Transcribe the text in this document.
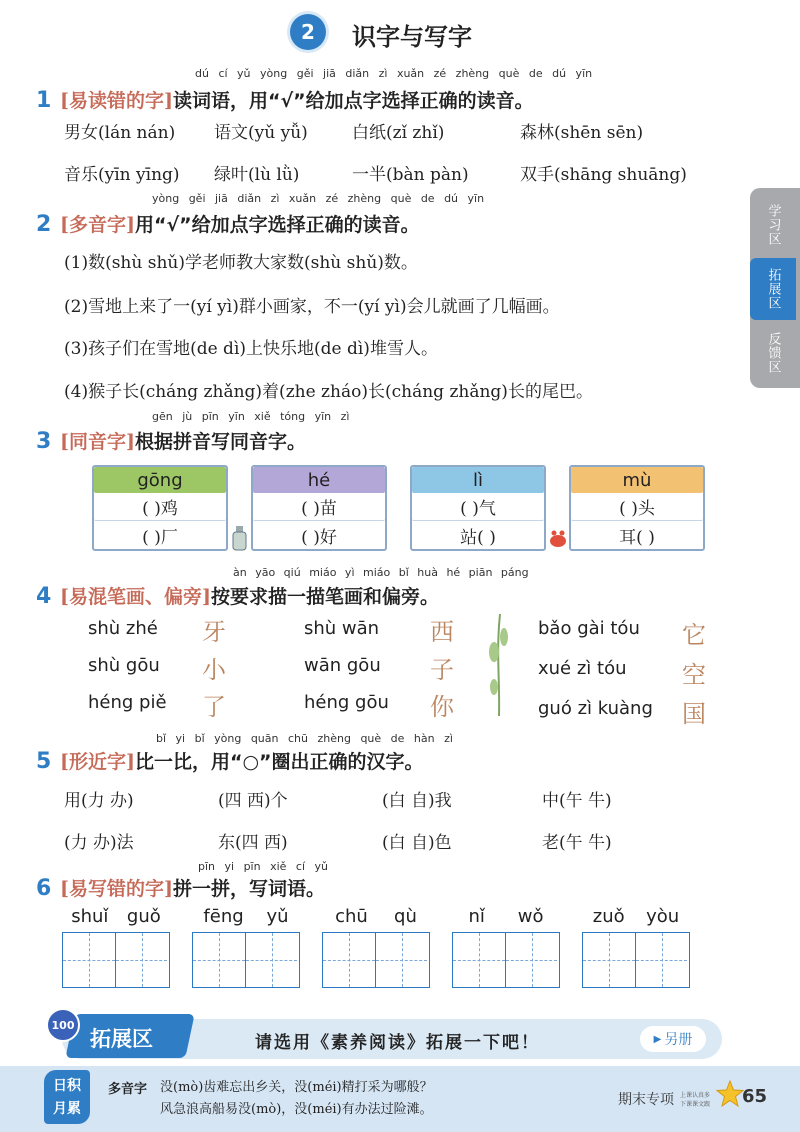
2	识字与写字
学习区
拓展区
反馈区
dú cí yǔ yòng gěi jiā diǎn zì xuǎn zé zhèng què de dú yīn
1 [易读错的字]读词语，用“√”给加点字选择正确的读音。
男女(lán nán) 语文(yǔ yǚ)	白纸(zǐ zhǐ)	森林(shēn sēn)
音乐(yīn yīng) 绿叶(lù lǜ)	一半(bàn pàn)	双手(shāng shuāng)
yòng gěi jiā diǎn zì xuǎn zé zhèng què de dú yīn
2 [多音字]用“√”给加点字选择正确的读音。
(1)数(shù shǔ)学老师教大家数(shù shǔ)数。
(2)雪地上来了一(yí yì)群小画家，不一(yí yì)会儿就画了几幅画。
(3)孩子们在雪地(de dì)上快乐地(de dì)堆雪人。
(4)猴子长(cháng zhǎng)着(zhe zháo)长(cháng zhǎng)长的尾巴。
gēn jù pīn yīn xiě tóng yīn zì
3 [同音字]根据拼音写同音字。
gōng
( )鸡
( )厂
hé
( )苗
( )好
lì
( )气
站( )
mù
( )头
耳( )
àn yāo qiú miáo yì miáo bǐ huà hé piān páng
4 [易混笔画、偏旁]按要求描一描笔画和偏旁。
shù zhé 牙	shù wān 西	bǎo gài tóu 它
shù gōu 小	wān gōu 子	xué zì tóu 空
héng piě 了	héng gōu 你	guó zì kuàng 国
bǐ yi bǐ yòng quān chū zhèng què de hàn zì
5 [形近字]比一比，用“○”圈出正确的汉字。
用(力 办)	(四 西)个	(白 自)我	中(午 牛)
(力 办)法	东(四 西)	(白 自)色	老(午 牛)
pīn yi pīn xiě cí yǔ
6 [易写错的字]拼一拼，写词语。
shuǐ guǒ fēng yǔ	chū qù	nǐ wǒ	zuǒ yòu
拓展区
100
请选用《素养阅读》拓展一下吧！	▶ 另册
日积
月累
多音字 没(mò)齿难忘出乡关，没(méi)精打采为哪般？
风急浪高船易没(mò)，没(méi)有办法过险滩。
期末专项 上课认真多 下课课文跟	65
